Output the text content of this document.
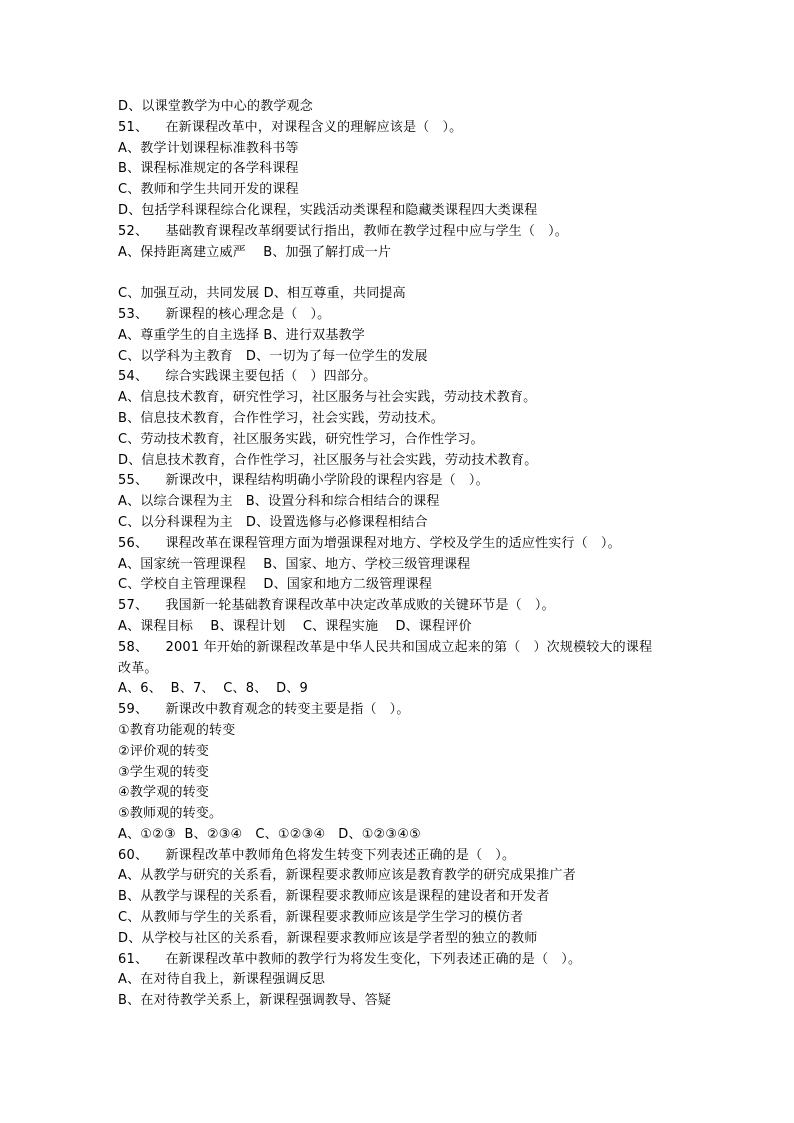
D、以课堂教学为中心的教学观念
51、    在新课程改革中，对课程含义的理解应该是（   ）。
A、教学计划课程标准教科书等
B、课程标准规定的各学科课程
C、教师和学生共同开发的课程
D、包括学科课程综合化课程，实践活动类课程和隐藏类课程四大类课程
52、    基础教育课程改革纲要试行指出，教师在教学过程中应与学生（   ）。
A、保持距离建立威严    B、加强了解打成一片
C、加强互动，共同发展 D、相互尊重，共同提高
53、    新课程的核心理念是（   ）。
A、尊重学生的自主选择 B、进行双基教学
C、以学科为主教育   D、一切为了每一位学生的发展
54、    综合实践课主要包括（   ）四部分。
A、信息技术教育，研究性学习，社区服务与社会实践，劳动技术教育。
B、信息技术教育，合作性学习，社会实践，劳动技术。
C、劳动技术教育，社区服务实践，研究性学习，合作性学习。
D、信息技术教育，合作性学习，社区服务与社会实践，劳动技术教育。
55、    新课改中，课程结构明确小学阶段的课程内容是（   ）。
A、以综合课程为主   B、设置分科和综合相结合的课程
C、以分科课程为主   D、设置选修与必修课程相结合
56、    课程改革在课程管理方面为增强课程对地方、学校及学生的适应性实行（   ）。
A、国家统一管理课程    B、国家、地方、学校三级管理课程
C、学校自主管理课程    D、国家和地方二级管理课程
57、    我国新一轮基础教育课程改革中决定改革成败的关键环节是（   ）。
A、课程目标    B、课程计划    C、课程实施    D、课程评价
58、    2001 年开始的新课程改革是中华人民共和国成立起来的第（   ）次规模较大的课程
改革。
A、6、  B、7、  C、8、  D、9
59、    新课改中教育观念的转变主要是指（   ）。
①教育功能观的转变
②评价观的转变
③学生观的转变
④教学观的转变
⑤教师观的转变。
A、①②③  B、②③④   C、①②③④   D、①②③④⑤
60、    新课程改革中教师角色将发生转变下列表述正确的是（   ）。
A、从教学与研究的关系看，新课程要求教师应该是教育教学的研究成果推广者
B、从教学与课程的关系看，新课程要求教师应该是课程的建设者和开发者
C、从教师与学生的关系看，新课程要求教师应该是学生学习的模仿者
D、从学校与社区的关系看，新课程要求教师应该是学者型的独立的教师
61、    在新课程改革中教师的教学行为将发生变化，下列表述正确的是（   ）。
A、在对待自我上，新课程强调反思
B、在对待教学关系上，新课程强调教导、答疑
